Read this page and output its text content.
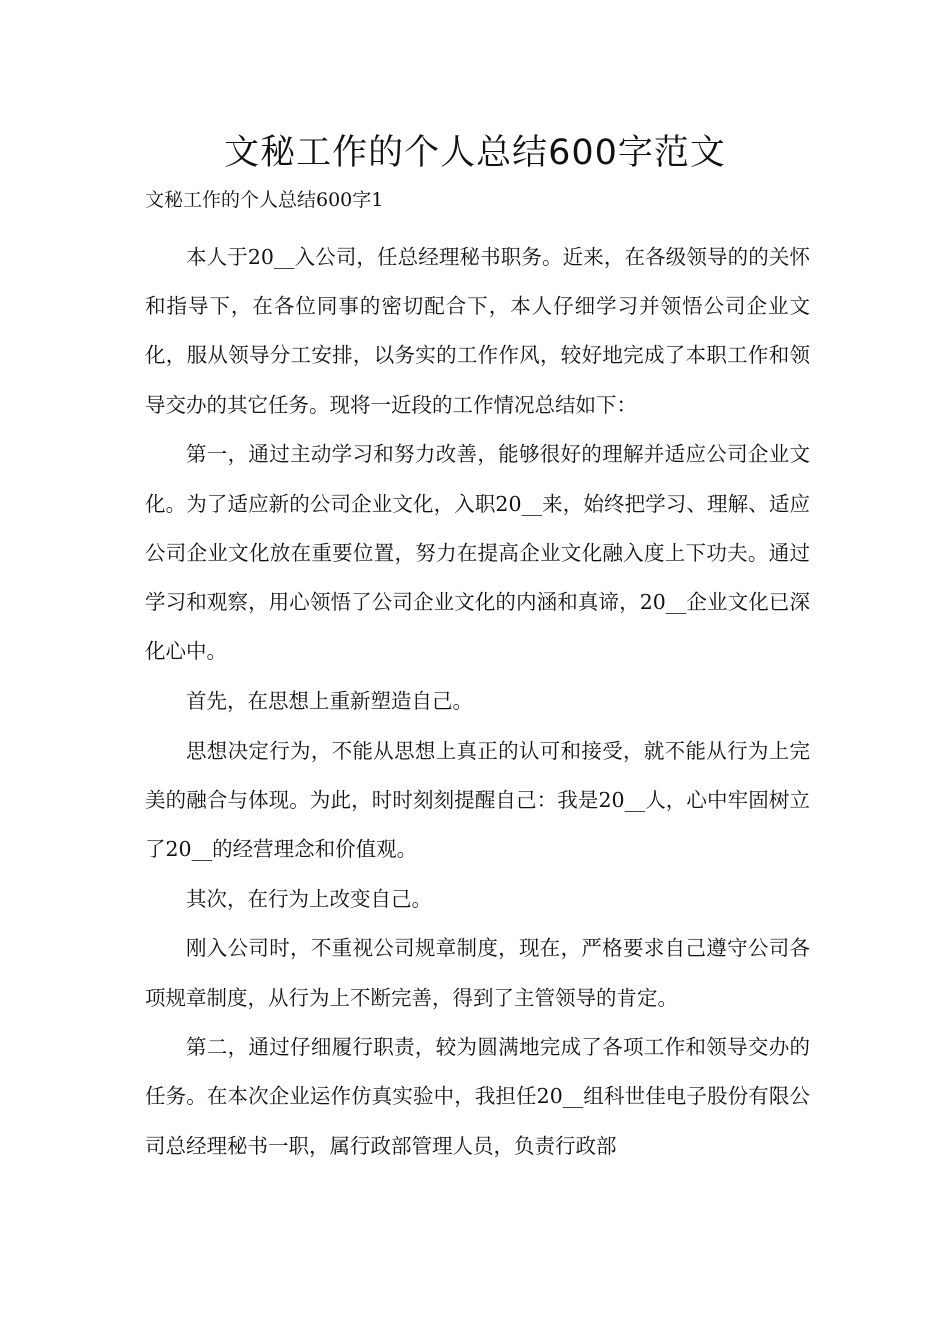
文秘工作的个人总结600字范文
文秘工作的个人总结600字1

本人于20__入公司，任总经理秘书职务。近来，在各级领导的的关怀和指导下，在各位同事的密切配合下，本人仔细学习并领悟公司企业文化，服从领导分工安排，以务实的工作作风，较好地完成了本职工作和领导交办的其它任务。现将一近段的工作情况总结如下：

第一，通过主动学习和努力改善，能够很好的理解并适应公司企业文化。为了适应新的公司企业文化，入职20__来，始终把学习、理解、适应公司企业文化放在重要位置，努力在提高企业文化融入度上下功夫。通过学习和观察，用心领悟了公司企业文化的内涵和真谛，20__企业文化已深化心中。

首先，在思想上重新塑造自己。

思想决定行为，不能从思想上真正的认可和接受，就不能从行为上完美的融合与体现。为此，时时刻刻提醒自己：我是20__人，心中牢固树立了20__的经营理念和价值观。

其次，在行为上改变自己。

刚入公司时，不重视公司规章制度，现在，严格要求自己遵守公司各项规章制度，从行为上不断完善，得到了主管领导的肯定。

第二，通过仔细履行职责，较为圆满地完成了各项工作和领导交办的任务。在本次企业运作仿真实验中，我担任20__组科世佳电子股份有限公司总经理秘书一职，属行政部管理人员，负责行政部
